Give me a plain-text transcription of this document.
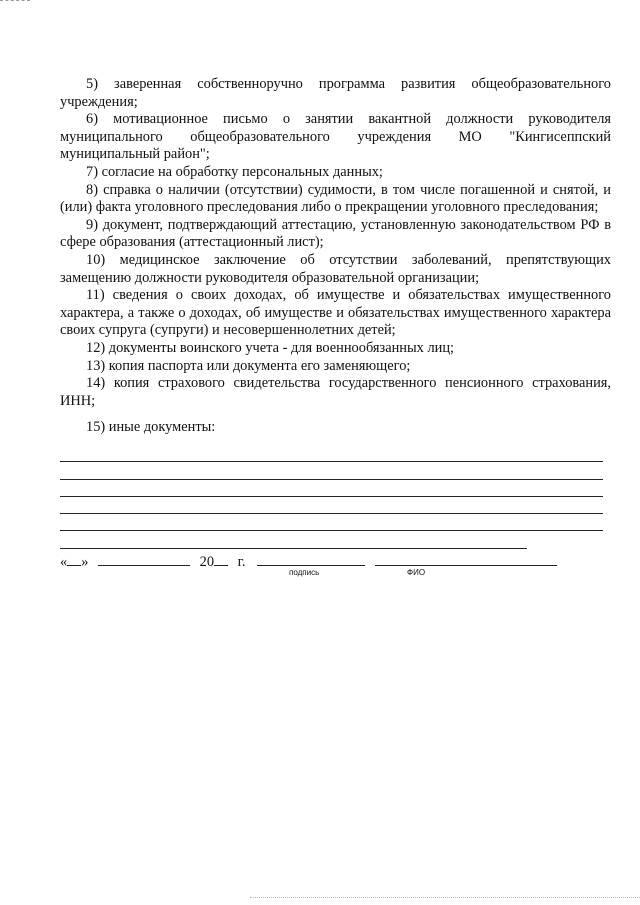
5) заверенная собственноручно программа развития общеобразовательного учреждения;

6) мотивационное письмо о занятии вакантной должности руководителя муниципального общеобразовательного учреждения МО "Кингисеппский муниципальный район";

7) согласие на обработку персональных данных;

8) справка о наличии (отсутствии) судимости, в том числе погашенной и снятой, и (или) факта уголовного преследования либо о прекращении уголовного преследования;

9) документ, подтверждающий аттестацию, установленную законодательством РФ в сфере образования (аттестационный лист);

10) медицинское заключение об отсутствии заболеваний, препятствующих замещению должности руководителя образовательной организации;

11) сведения о своих доходах, об имуществе и обязательствах имущественного характера, а также о доходах, об имуществе и обязательствах имущественного характера своих супруга (супруги) и несовершеннолетних детей;

12) документы воинского учета - для военнообязанных лиц;

13) копия паспорта или документа его заменяющего;

14) копия страхового свидетельства государственного пенсионного страхования, ИНН;

15) иные документы:

« »	20 г.
подпись	ФИО
